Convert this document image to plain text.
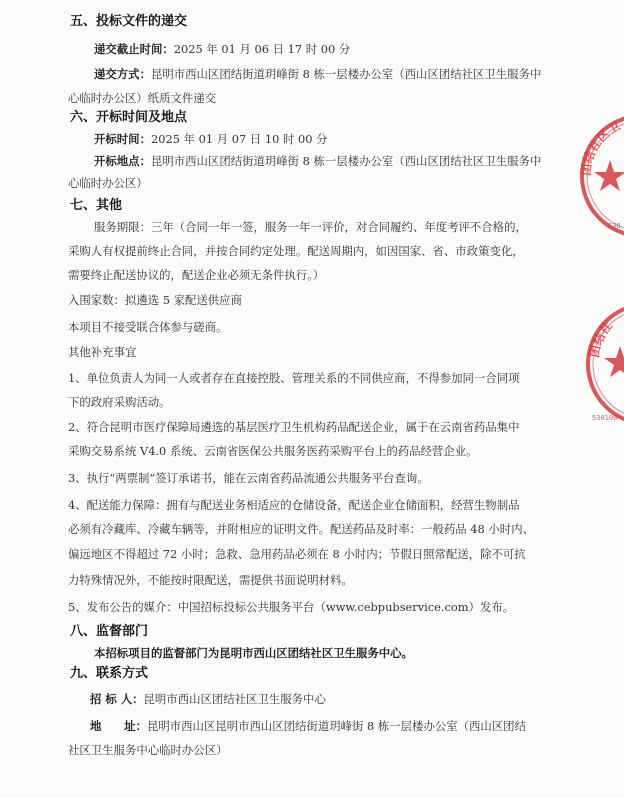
五、投标文件的递交
递交截止时间：2025 年 01 月 06 日 17 时 00 分
递交方式：昆明市西山区团结街道玥峰街 8 栋一层楼办公室（西山区团结社区卫生服务中
心临时办公区）纸质文件递交
六、开标时间及地点
开标时间：2025 年 01 月 07 日 10 时 00 分
开标地点：昆明市西山区团结街道玥峰街 8 栋一层楼办公室（西山区团结社区卫生服务中
心临时办公区）
七、其他
服务期限：三年（合同一年一签，服务一年一评价，对合同履约、年度考评不合格的，
采购人有权提前终止合同，并按合同约定处理。配送周期内，如因国家、省、市政策变化，
需要终止配送协议的，配送企业必须无条件执行。）
入围家数：拟遴选 5 家配送供应商
本项目不接受联合体参与磋商。
其他补充事宜
1、单位负责人为同一人或者存在直接控股、管理关系的不同供应商，不得参加同一合同项
下的政府采购活动。
2、符合昆明市医疗保障局遴选的基层医疗卫生机构药品配送企业，属于在云南省药品集中
采购交易系统 V4.0 系统、云南省医保公共服务医药采购平台上的药品经营企业。
3、执行“两票制”签订承诺书，能在云南省药品流通公共服务平台查询。
4、配送能力保障：拥有与配送业务相适应的仓储设备，配送企业仓储面积，经营生物制品
必须有冷藏库、冷藏车辆等，并附相应的证明文件。配送药品及时率：一般药品 48 小时内、
偏远地区不得超过 72 小时；急救、急用药品必须在 8 小时内；节假日照常配送，除不可抗
力特殊情况外，不能按时限配送，需提供书面说明材料。
5、发布公告的媒介：中国招标投标公共服务平台（www.cebpubservice.com）发布。
八、监督部门
本招标项目的监督部门为昆明市西山区团结社区卫生服务中心。
九、联系方式
招 标 人：昆明市西山区团结社区卫生服务中心
地　　址：昆明市西山区昆明市西山区团结街道玥峰街 8 栋一层楼办公室（西山区团结
社区卫生服务中心临时办公区）
团结社区卫
530
团结社
530100
